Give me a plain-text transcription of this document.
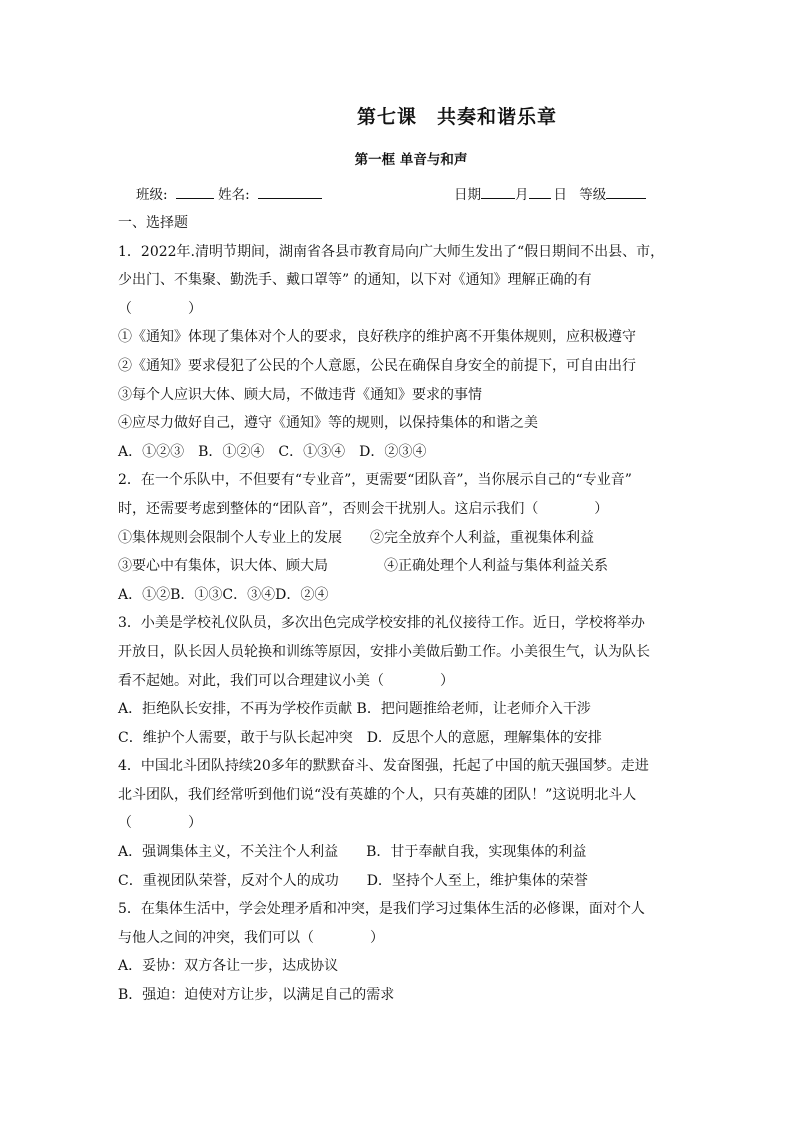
第七课　共奏和谐乐章
第一框 单音与和声
班级:	姓名:	日期	月 日 等级
一、选择题
1．2022年.清明节期间，湖南省各县市教育局向广大师生发出了“假日期间不出县、市，
少出门、不集聚、勤洗手、戴口罩等” 的通知，以下对《通知》理解正确的有
（　　　　）
①《通知》体现了集体对个人的要求，良好秩序的维护离不开集体规则，应积极遵守
②《通知》要求侵犯了公民的个人意愿，公民在确保自身安全的前提下，可自由出行
③每个人应识大体、顾大局，不做违背《通知》要求的事情
④应尽力做好自己，遵守《通知》等的规则，以保持集体的和谐之美
A．①②③　B．①②④　C．①③④　D．②③④
2．在一个乐队中，不但要有“专业音”，更需要“团队音”，当你展示自己的“专业音”
时，还需要考虑到整体的“团队音”，否则会干扰别人。这启示我们（　　　　）
①集体规则会限制个人专业上的发展　　②完全放弃个人利益，重视集体利益
③要心中有集体，识大体、顾大局　　　　④正确处理个人利益与集体利益关系
A．①②B．①③C．③④D．②④
3．小美是学校礼仪队员，多次出色完成学校安排的礼仪接待工作。近日，学校将举办
开放日，队长因人员轮换和训练等原因，安排小美做后勤工作。小美很生气，认为队长
看不起她。对此，我们可以合理建议小美（　　　　）
A．拒绝队长安排，不再为学校作贡献 B．把问题推给老师，让老师介入干涉
C．维护个人需要，敢于与队长起冲突　D．反思个人的意愿，理解集体的安排
4．中国北斗团队持续20多年的默默奋斗、发奋图强，托起了中国的航天强国梦。走进
北斗团队，我们经常听到他们说“没有英雄的个人，只有英雄的团队！”这说明北斗人
（　　　　）
A．强调集体主义，不关注个人利益　　B．甘于奉献自我，实现集体的利益
C．重视团队荣誉，反对个人的成功　　D．坚持个人至上，维护集体的荣誉
5．在集体生活中，学会处理矛盾和冲突，是我们学习过集体生活的必修课，面对个人
与他人之间的冲突，我们可以（　　　　）
A．妥协：双方各让一步，达成协议
B．强迫：迫使对方让步，以满足自己的需求
